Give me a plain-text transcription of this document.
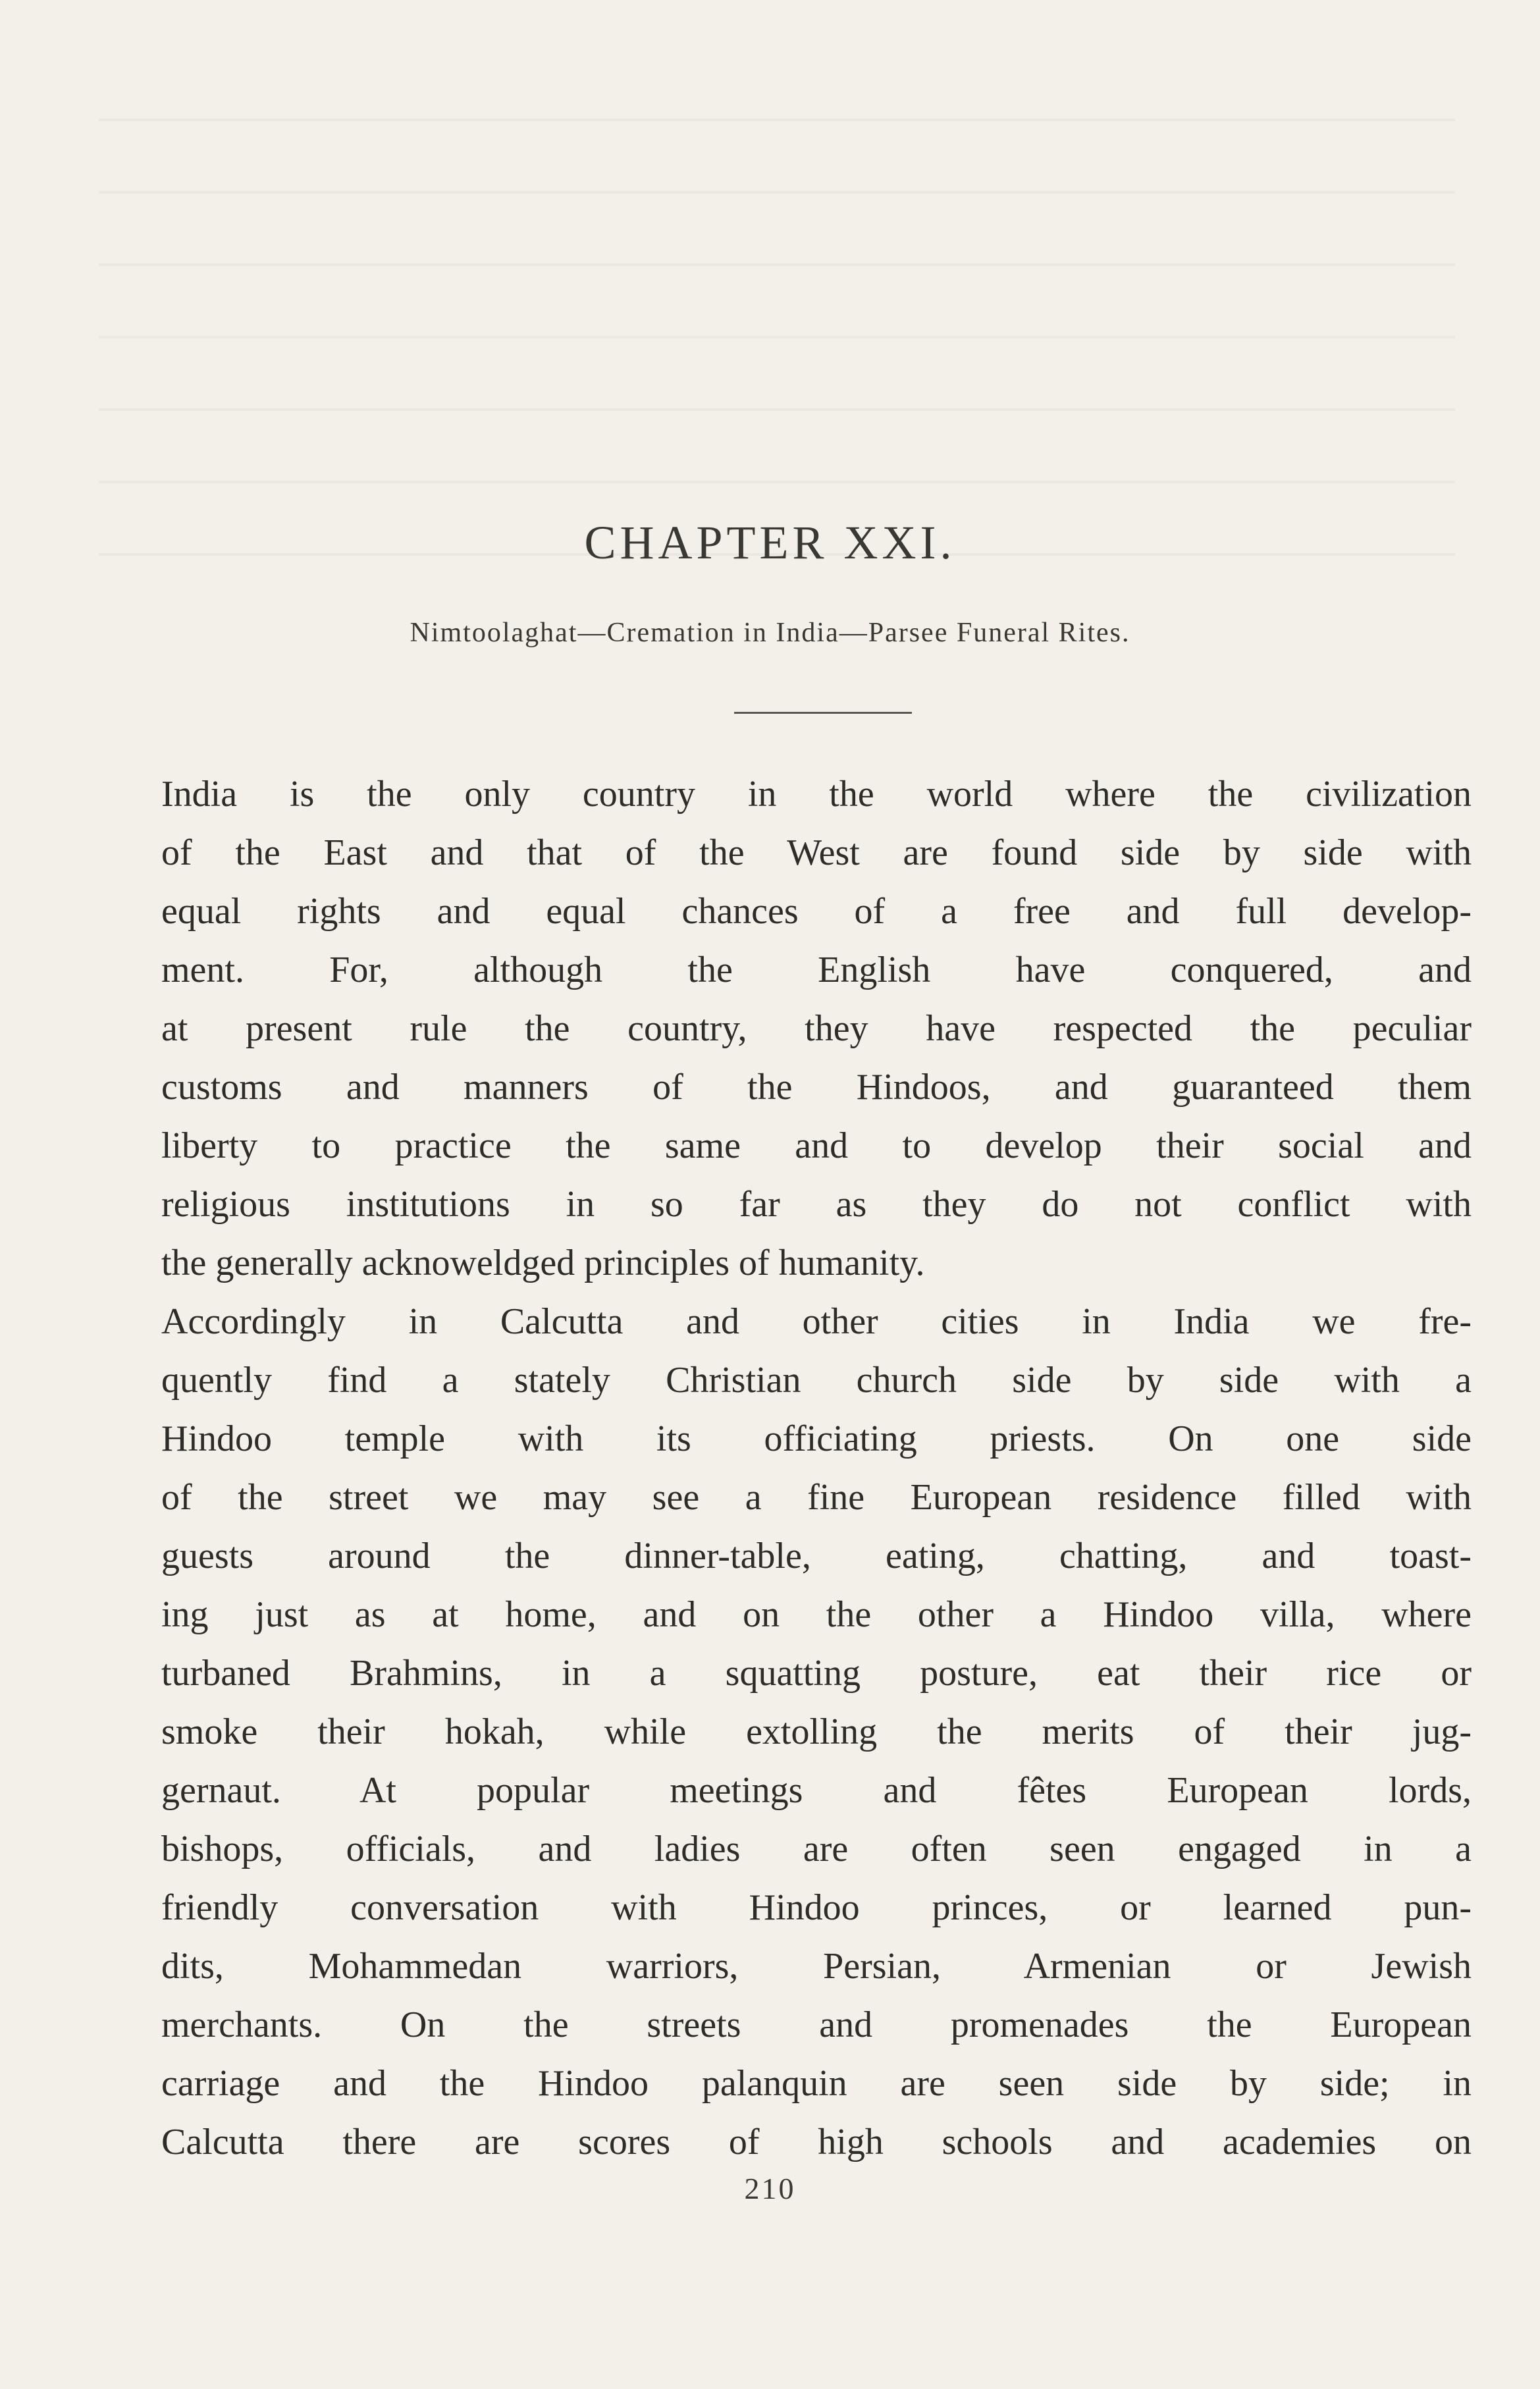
CHAPTER XXI.

Nimtoolaghat—Cremation in India—Parsee Funeral Rites.

India is the only country in the world where the civilization
of the East and that of the West are found side by side with
equal rights and equal chances of a free and full develop-
ment. For, although the English have conquered, and
at present rule the country, they have respected the peculiar
customs and manners of the Hindoos, and guaranteed them
liberty to practice the same and to develop their social and
religious institutions in so far as they do not conflict with
the generally acknoweldged principles of humanity.
Accordingly in Calcutta and other cities in India we fre-
quently find a stately Christian church side by side with a
Hindoo temple with its officiating priests. On one side
of the street we may see a fine European residence filled with
guests around the dinner-table, eating, chatting, and toast-
ing just as at home, and on the other a Hindoo villa, where
turbaned Brahmins, in a squatting posture, eat their rice or
smoke their hokah, while extolling the merits of their jug-
gernaut. At popular meetings and fêtes European lords,
bishops, officials, and ladies are often seen engaged in a
friendly conversation with Hindoo princes, or learned pun-
dits, Mohammedan warriors, Persian, Armenian or Jewish
merchants. On the streets and promenades the European
carriage and the Hindoo palanquin are seen side by side; in
Calcutta there are scores of high schools and academies on
210
